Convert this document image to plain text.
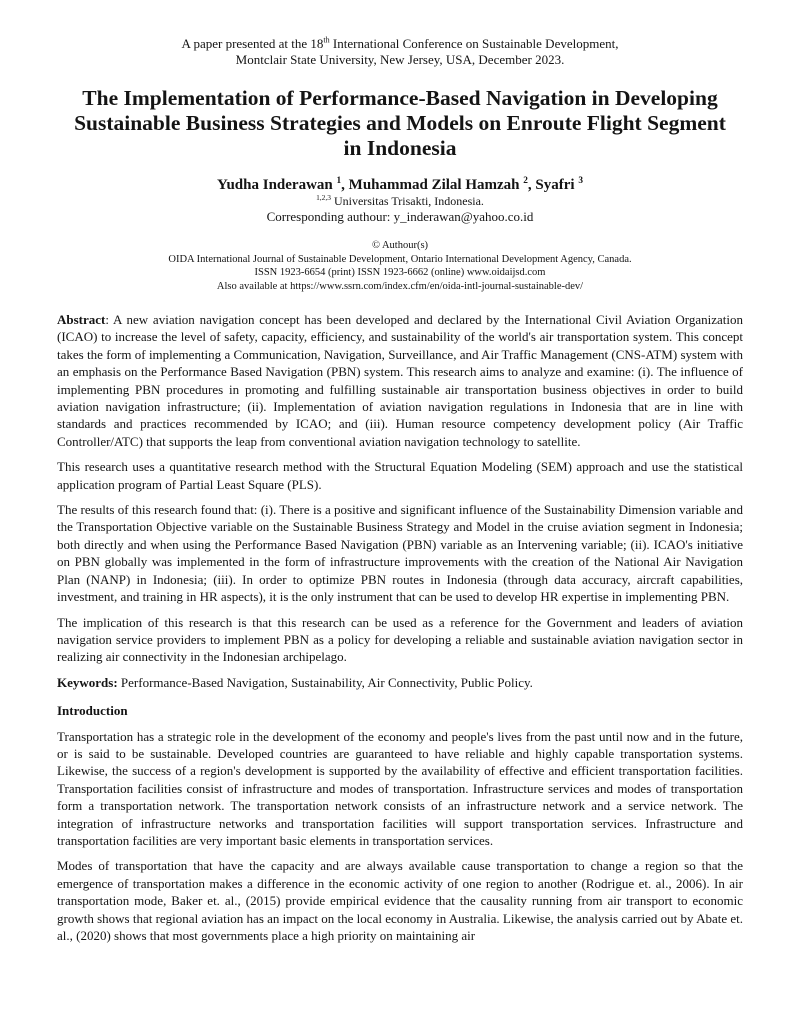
A paper presented at the 18th International Conference on Sustainable Development,

Montclair State University, New Jersey, USA, December 2023.

The Implementation of Performance-Based Navigation in Developing Sustainable Business Strategies and Models on Enroute Flight Segment in Indonesia

Yudha Inderawan $^1$, Muhammad Zilal Hamzah $^2$, Syafri $^3$

$^{1,2,3}$ Universitas Trisakti, Indonesia.

Corresponding authour: y_inderawan@yahoo.co.id

© Authour(s)

OIDA International Journal of Sustainable Development, Ontario International Development Agency, Canada.

ISSN 1923-6654 (print) ISSN 1923-6662 (online) www.oidaijsd.com

Also available at https://www.ssrn.com/index.cfm/en/oida-intl-journal-sustainable-dev/

Abstract: A new aviation navigation concept has been developed and declared by the International Civil Aviation Organization (ICAO) to increase the level of safety, capacity, efficiency, and sustainability of the world's air transportation system. This concept takes the form of implementing a Communication, Navigation, Surveillance, and Air Traffic Management (CNS-ATM) system with an emphasis on the Performance Based Navigation (PBN) system. This research aims to analyze and examine: (i). The influence of implementing PBN procedures in promoting and fulfilling sustainable air transportation business objectives in order to build aviation navigation infrastructure; (ii). Implementation of aviation navigation regulations in Indonesia that are in line with standards and practices recommended by ICAO; and (iii). Human resource competency development policy (Air Traffic Controller/ATC) that supports the leap from conventional aviation navigation technology to satellite.

This research uses a quantitative research method with the Structural Equation Modeling (SEM) approach and use the statistical application program of Partial Least Square (PLS).

The results of this research found that: (i). There is a positive and significant influence of the Sustainability Dimension variable and the Transportation Objective variable on the Sustainable Business Strategy and Model in the cruise aviation segment in Indonesia; both directly and when using the Performance Based Navigation (PBN) variable as an Intervening variable; (ii). ICAO's initiative on PBN globally was implemented in the form of infrastructure improvements with the creation of the National Air Navigation Plan (NANP) in Indonesia; (iii). In order to optimize PBN routes in Indonesia (through data accuracy, aircraft capabilities, investment, and training in HR aspects), it is the only instrument that can be used to develop HR expertise in implementing PBN.

The implication of this research is that this research can be used as a reference for the Government and leaders of aviation navigation service providers to implement PBN as a policy for developing a reliable and sustainable aviation navigation sector in realizing air connectivity in the Indonesian archipelago.

Keywords: Performance-Based Navigation, Sustainability, Air Connectivity, Public Policy.

Introduction

Transportation has a strategic role in the development of the economy and people's lives from the past until now and in the future, or is said to be sustainable. Developed countries are guaranteed to have reliable and highly capable transportation systems. Likewise, the success of a region's development is supported by the availability of effective and efficient transportation facilities. Transportation facilities consist of infrastructure and modes of transportation. Infrastructure services and modes of transportation form a transportation network. The transportation network consists of an infrastructure network and a service network. The integration of infrastructure networks and transportation facilities will support transportation services. Infrastructure and transportation facilities are very important basic elements in transportation services.

Modes of transportation that have the capacity and are always available cause transportation to change a region so that the emergence of transportation makes a difference in the economic activity of one region to another (Rodrigue et. al., 2006). In air transportation mode, Baker et. al., (2015) provide empirical evidence that the causality running from air transport to economic growth shows that regional aviation has an impact on the local economy in Australia. Likewise, the analysis carried out by Abate et. al., (2020) shows that most governments place a high priority on maintaining air
